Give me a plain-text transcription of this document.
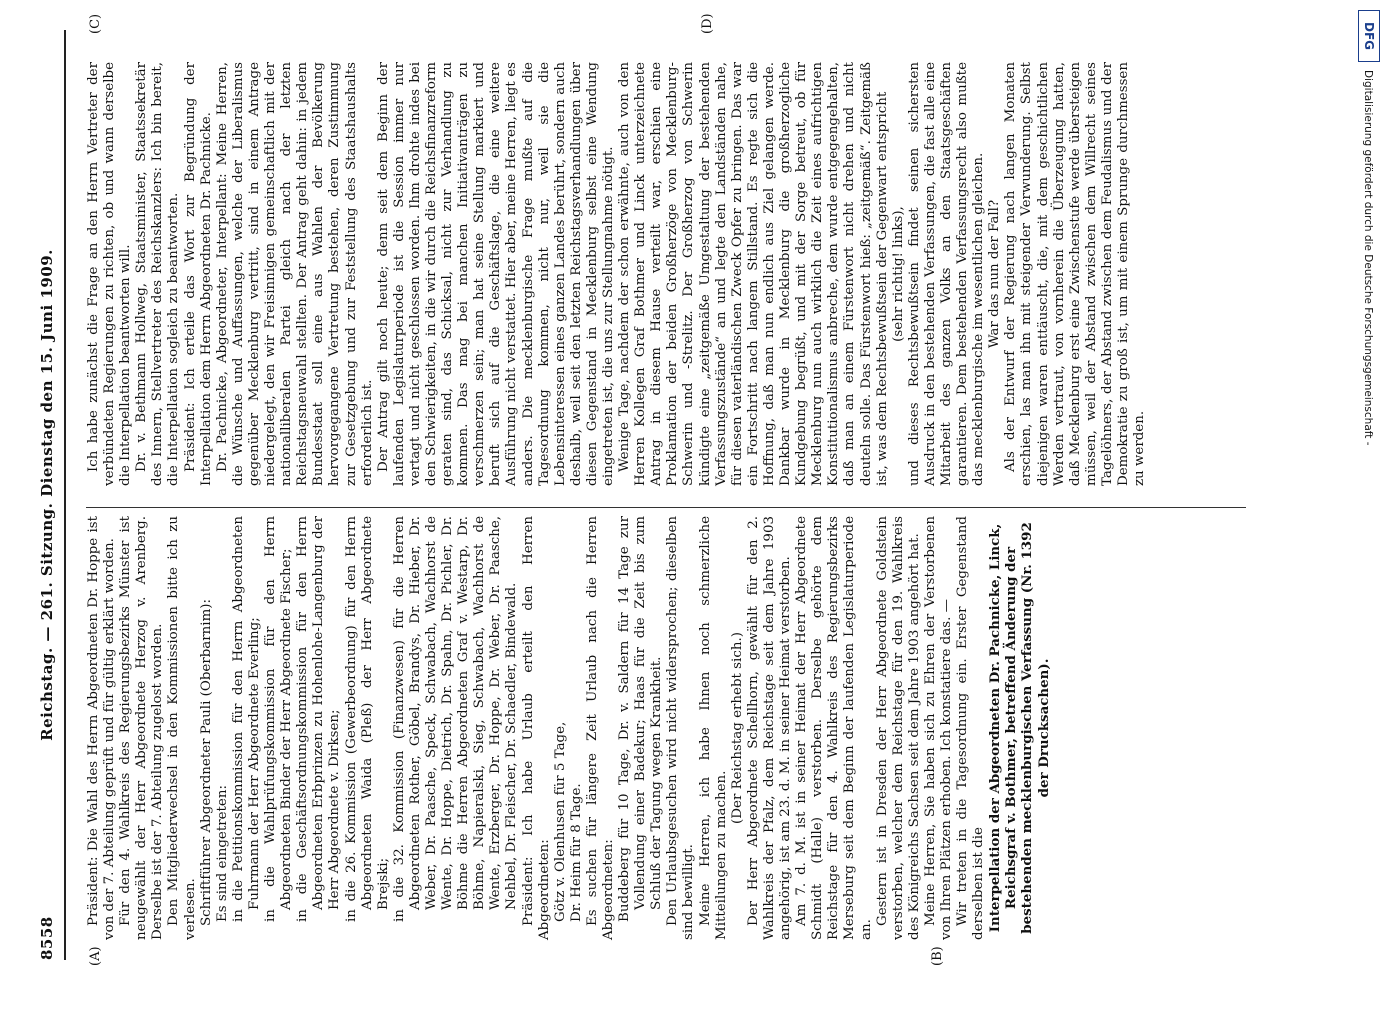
8558
Reichstag. — 261. Sitzung. Dienstag den 15. Juni 1909.
(A)	(B)
(C)	(D)

Präsident: Die Wahl des Herrn Abgeordneten Dr. Hoppe ist von der 7. Abteilung geprüft und für gültig erklärt worden. Für den 4. Wahlkreis des Regierungsbezirks Münster ist neugewählt der Herr Abgeordnete Herzog v. Arenberg. Derselbe ist der 7. Abteilung zugelost worden. Den Mitgliederwechsel in den Kommissionen bitte ich zu verlesen. Schriftführer Abgeordneter Pauli (Oberbarnim): Es sind eingetreten: in die Petitionskommission für den Herrn Abgeordneten Fuhrmann der Herr Abgeordnete Everling; in die Wahlprüfungskommission für den Herrn Abgeordneten Binder der Herr Abgeordnete Fischer; in die Geschäftsordnungskommission für den Herrn Abgeordneten Erbprinzen zu Hohenlohe-Langenburg der Herr Abgeordnete v. Dirksen; in die 26. Kommission (Gewerbeordnung) für den Herrn Abgeordneten Waida (Pleß) der Herr Abgeordnete Brejski; in die 32. Kommission (Finanzwesen) für die Herren Abgeordneten Rother, Göbel, Brandys, Dr. Hieber, Dr. Weber, Dr. Paasche, Speck, Schwabach, Wachhorst de Wente, Dr. Hoppe, Dietrich, Dr. Spahn, Dr. Pichler, Dr. Böhme die Herren Abgeordneten Graf v. Westarp, Dr. Böhme, Napieralski, Sieg, Schwabach, Wachhorst de Wente, Erzberger, Dr. Hoppe, Dr. Weber, Dr. Paasche, Nehbel, Dr. Fleischer, Dr. Schaedler, Bindewald. Präsident: Ich habe Urlaub erteilt den Herren Abgeordneten: Götz v. Olenhusen für 5 Tage, Dr. Heim für 8 Tage. Es suchen für längere Zeit Urlaub nach die Herren Abgeordneten: Buddeberg für 10 Tage, Dr. v. Saldern für 14 Tage zur Vollendung einer Badekur; Haas für die Zeit bis zum Schluß der Tagung wegen Krankheit. Den Urlaubsgesuchen wird nicht widersprochen; dieselben sind bewilligt. Meine Herren, ich habe Ihnen noch schmerzliche Mitteilungen zu machen.

(Der Reichstag erhebt sich.) Der Herr Abgeordnete Schellhorn, gewählt für den 2. Wahlkreis der Pfalz, dem Reichstage seit dem Jahre 1903 angehörig, ist am 23. d. M. in seiner Heimat verstorben. Am 7. d. M. ist in seiner Heimat der Herr Abgeordnete Schmidt (Halle) verstorben. Derselbe gehörte dem Reichstage für den 4. Wahlkreis des Regierungsbezirks Merseburg seit dem Beginn der laufenden Legislaturperiode an.

Gestern ist in Dresden der Herr Abgeordnete Goldstein verstorben, welcher dem Reichstage für den 19. Wahlkreis des Königreichs Sachsen seit dem Jahre 1903 angehört hat. Meine Herren, Sie haben sich zu Ehren der Verstorbenen von Ihren Plätzen erhoben. Ich konstatiere das. — Wir treten in die Tagesordnung ein. Erster Gegenstand derselben ist die Interpellation der Abgeordneten Dr. Pachnicke, Linck, Reichsgraf v. Bothmer, betreffend Änderung der bestehenden mecklenburgischen Verfassung (Nr. 1392 der Drucksachen).

Ich habe zunächst die Frage an den Herrn Vertreter der verbündeten Regierungen zu richten, ob und wann derselbe die Interpellation beantworten will. Dr. v. Bethmann Hollweg, Staatsminister, Staatssekretär des Innern, Stellvertreter des Reichskanzlers: Ich bin bereit, die Interpellation sogleich zu beantworten. Präsident: Ich erteile das Wort zur Begründung der Interpellation dem Herrn Abgeordneten Dr. Pachnicke. Dr. Pachnicke, Abgeordneter, Interpellant: Meine Herren, die Wünsche und Auffassungen, welche der Liberalismus gegenüber Mecklenburg vertritt, sind in einem Antrage niedergelegt, den wir Freisinnigen gemeinschaftlich mit der nationalliberalen Partei gleich nach der letzten Reichstagsneuwahl stellten. Der Antrag geht dahin: in jedem Bundesstaat soll eine aus Wahlen der Bevölkerung hervorgegangene Vertretung bestehen, deren Zustimmung zur Gesetzgebung und zur Feststellung des Staatshaushalts erforderlich ist. Der Antrag gilt noch heute; denn seit dem Beginn der laufenden Legislaturperiode ist die Session immer nur vertagt und nicht geschlossen worden. Ihm drohte indes bei den Schwierigkeiten, in die wir durch die Reichsfinanzreform geraten sind, das Schicksal, nicht zur Verhandlung zu kommen. Das mag bei manchen Initiativanträgen zu verschmerzen sein; man hat seine Stellung markiert und beruft sich auf die Geschäftslage, die eine weitere Ausführung nicht verstattet. Hier aber, meine Herren, liegt es anders. Die mecklenburgische Frage mußte auf die Tagesordnung kommen, nicht nur, weil sie die Lebensinteressen eines ganzen Landes berührt, sondern auch deshalb, weil seit den letzten Reichstagsverhandlungen über diesen Gegenstand in Mecklenburg selbst eine Wendung eingetreten ist, die uns zur Stellungnahme nötigt. Wenige Tage, nachdem der schon erwähnte, auch von den Herren Kollegen Graf Bothmer und Linck unterzeichnete Antrag in diesem Hause verteilt war, erschien eine Proklamation der beiden Großherzöge von Mecklenburg-Schwerin und -Strelitz. Der Großherzog von Schwerin kündigte eine „zeitgemäße Umgestaltung der bestehenden Verfassungszustände“ an und legte den Landständen nahe, für diesen vaterländischen Zweck Opfer zu bringen. Das war ein Fortschritt nach langem Stillstand. Es regte sich die Hoffnung, daß man nun endlich aus Ziel gelangen werde. Dankbar wurde in Mecklenburg die großherzogliche Kundgebung begrüßt, und mit der Sorge betreut, ob für Mecklenburg nun auch wirklich die Zeit eines aufrichtigen Konstitutionalismus anbreche, dem wurde entgegengehalten, daß man an einem Fürstenwort nicht drehen und nicht deuteln solle. Das Fürstenwort hieß: „zeitgemäß“. Zeitgemäß ist, was dem Rechtsbewußtsein der Gegenwart entspricht (sehr richtig! links), und dieses Rechtsbewußtsein findet seinen sichersten Ausdruck in den bestehenden Verfassungen, die fast alle eine Mitarbeit des ganzen Volks an den Staatsgeschäften garantieren. Dem bestehenden Verfassungsrecht also mußte das mecklenburgische im wesentlichen gleichen. War das nun der Fall? Als der Entwurf der Regierung nach langen Monaten erschien, las man ihn mit steigender Verwunderung. Selbst diejenigen waren enttäuscht, die, mit dem geschichtlichen Werden vertraut, von vornherein die Überzeugung hatten, daß Mecklenburg erst eine Zwischenstufe werde übersteigen müssen, weil der Abstand zwischen dem Willrecht seines Tagelöhners, der Abstand zwischen dem Feudalismus und der Demokratie zu groß ist, um mit einem Sprunge durchmessen zu werden.

DFG
Digitalisierung gefördert durch die Deutsche Forschungsgemeinschaft -
